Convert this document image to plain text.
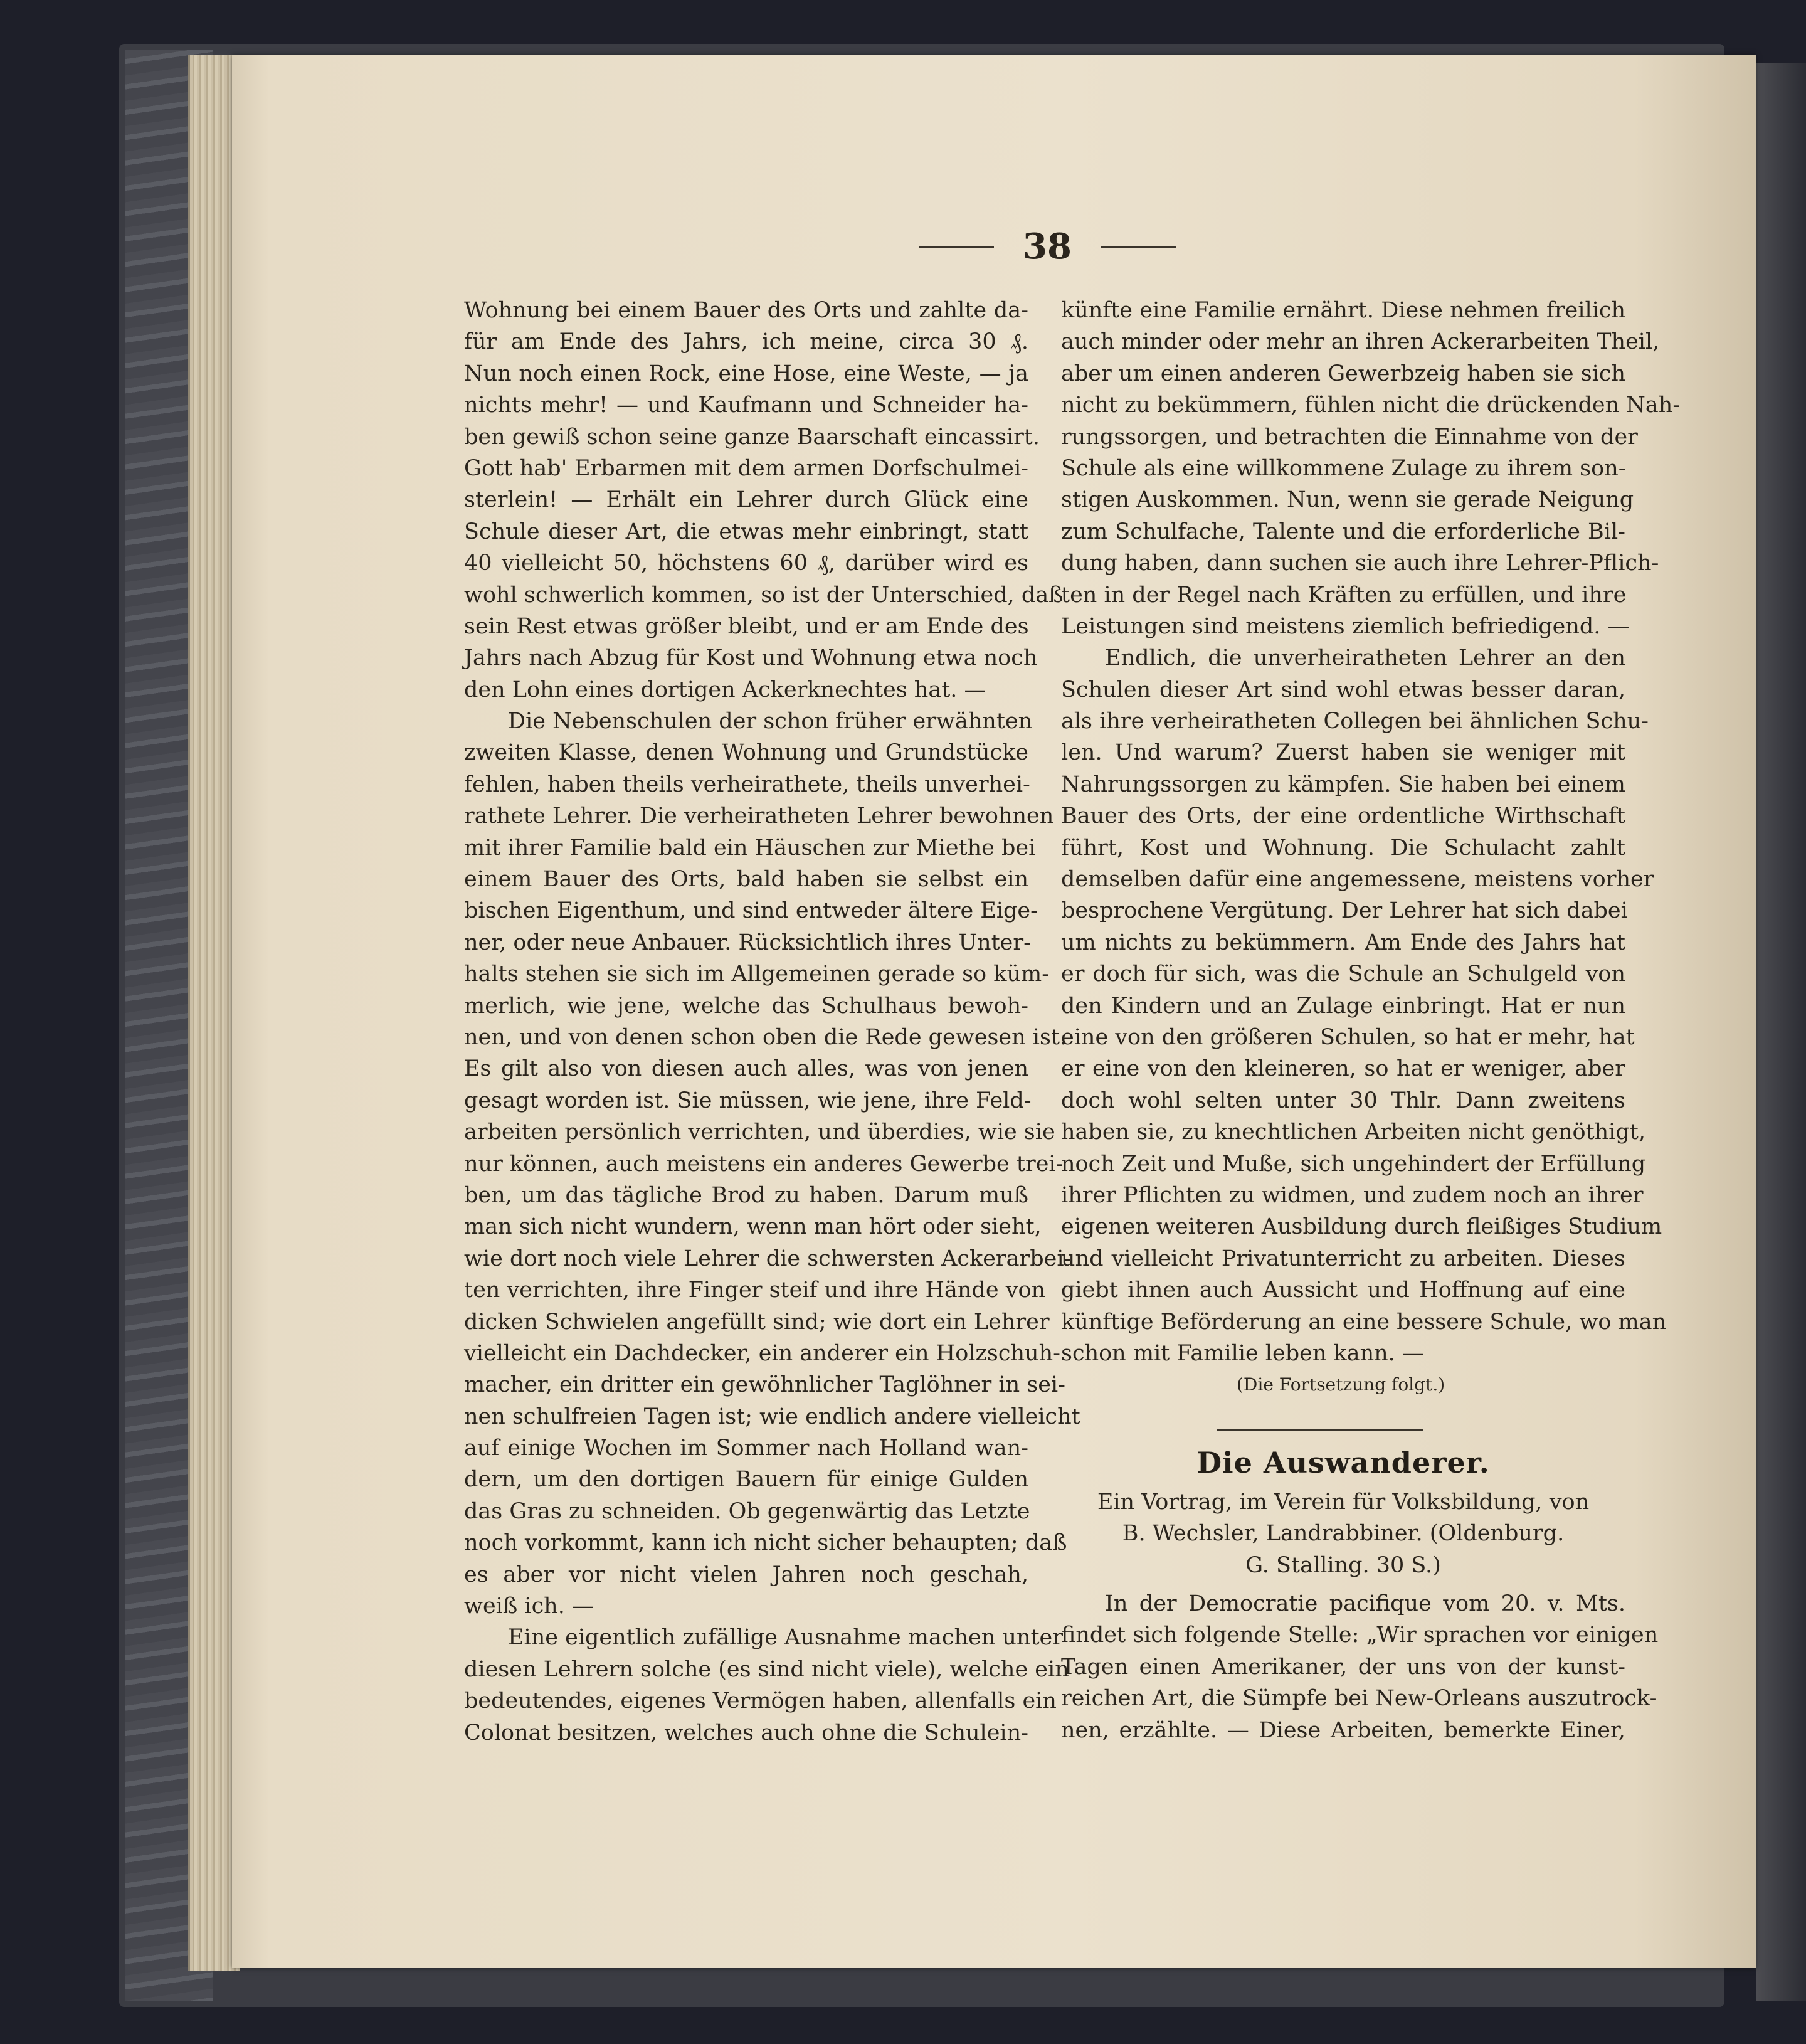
38
Wohnung bei einem Bauer des Orts und zahlte da-
für am Ende des Jahrs, ich meine, circa 30 ₰.
Nun noch einen Rock, eine Hose, eine Weste, — ja
nichts mehr! — und Kaufmann und Schneider ha-
ben gewiß schon seine ganze Baarschaft eincassirt.
Gott hab' Erbarmen mit dem armen Dorfschulmei-
sterlein! — Erhält ein Lehrer durch Glück eine
Schule dieser Art, die etwas mehr einbringt, statt
40 vielleicht 50, höchstens 60 ₰, darüber wird es
wohl schwerlich kommen, so ist der Unterschied, daß
sein Rest etwas größer bleibt, und er am Ende des
Jahrs nach Abzug für Kost und Wohnung etwa noch
den Lohn eines dortigen Ackerknechtes hat. —
Die Nebenschulen der schon früher erwähnten
zweiten Klasse, denen Wohnung und Grundstücke
fehlen, haben theils verheirathete, theils unverhei-
rathete Lehrer. Die verheiratheten Lehrer bewohnen
mit ihrer Familie bald ein Häuschen zur Miethe bei
einem Bauer des Orts, bald haben sie selbst ein
bischen Eigenthum, und sind entweder ältere Eige-
ner, oder neue Anbauer. Rücksichtlich ihres Unter-
halts stehen sie sich im Allgemeinen gerade so küm-
merlich, wie jene, welche das Schulhaus bewoh-
nen, und von denen schon oben die Rede gewesen ist.
Es gilt also von diesen auch alles, was von jenen
gesagt worden ist. Sie müssen, wie jene, ihre Feld-
arbeiten persönlich verrichten, und überdies, wie sie
nur können, auch meistens ein anderes Gewerbe trei-
ben, um das tägliche Brod zu haben. Darum muß
man sich nicht wundern, wenn man hört oder sieht,
wie dort noch viele Lehrer die schwersten Ackerarbei-
ten verrichten, ihre Finger steif und ihre Hände von
dicken Schwielen angefüllt sind; wie dort ein Lehrer
vielleicht ein Dachdecker, ein anderer ein Holzschuh-
macher, ein dritter ein gewöhnlicher Taglöhner in sei-
nen schulfreien Tagen ist; wie endlich andere vielleicht
auf einige Wochen im Sommer nach Holland wan-
dern, um den dortigen Bauern für einige Gulden
das Gras zu schneiden. Ob gegenwärtig das Letzte
noch vorkommt, kann ich nicht sicher behaupten; daß
es aber vor nicht vielen Jahren noch geschah,
weiß ich. —
Eine eigentlich zufällige Ausnahme machen unter
diesen Lehrern solche (es sind nicht viele), welche ein
bedeutendes, eigenes Vermögen haben, allenfalls ein
Colonat besitzen, welches auch ohne die Schulein-
künfte eine Familie ernährt. Diese nehmen freilich
auch minder oder mehr an ihren Ackerarbeiten Theil,
aber um einen anderen Gewerbzeig haben sie sich
nicht zu bekümmern, fühlen nicht die drückenden Nah-
rungssorgen, und betrachten die Einnahme von der
Schule als eine willkommene Zulage zu ihrem son-
stigen Auskommen. Nun, wenn sie gerade Neigung
zum Schulfache, Talente und die erforderliche Bil-
dung haben, dann suchen sie auch ihre Lehrer-Pflich-
ten in der Regel nach Kräften zu erfüllen, und ihre
Leistungen sind meistens ziemlich befriedigend. —
Endlich, die unverheiratheten Lehrer an den
Schulen dieser Art sind wohl etwas besser daran,
als ihre verheiratheten Collegen bei ähnlichen Schu-
len. Und warum? Zuerst haben sie weniger mit
Nahrungssorgen zu kämpfen. Sie haben bei einem
Bauer des Orts, der eine ordentliche Wirthschaft
führt, Kost und Wohnung. Die Schulacht zahlt
demselben dafür eine angemessene, meistens vorher
besprochene Vergütung. Der Lehrer hat sich dabei
um nichts zu bekümmern. Am Ende des Jahrs hat
er doch für sich, was die Schule an Schulgeld von
den Kindern und an Zulage einbringt. Hat er nun
eine von den größeren Schulen, so hat er mehr, hat
er eine von den kleineren, so hat er weniger, aber
doch wohl selten unter 30 Thlr. Dann zweitens
haben sie, zu knechtlichen Arbeiten nicht genöthigt,
noch Zeit und Muße, sich ungehindert der Erfüllung
ihrer Pflichten zu widmen, und zudem noch an ihrer
eigenen weiteren Ausbildung durch fleißiges Studium
und vielleicht Privatunterricht zu arbeiten. Dieses
giebt ihnen auch Aussicht und Hoffnung auf eine
künftige Beförderung an eine bessere Schule, wo man
schon mit Familie leben kann. —
(Die Fortsetzung folgt.)
Die Auswanderer.
Ein Vortrag, im Verein für Volksbildung, von
B. Wechsler, Landrabbiner. (Oldenburg.
G. Stalling. 30 S.)
In der Democratie pacifique vom 20. v. Mts.
findet sich folgende Stelle: „Wir sprachen vor einigen
Tagen einen Amerikaner, der uns von der kunst-
reichen Art, die Sümpfe bei New-Orleans auszutrock-
nen, erzählte. — Diese Arbeiten, bemerkte Einer,
